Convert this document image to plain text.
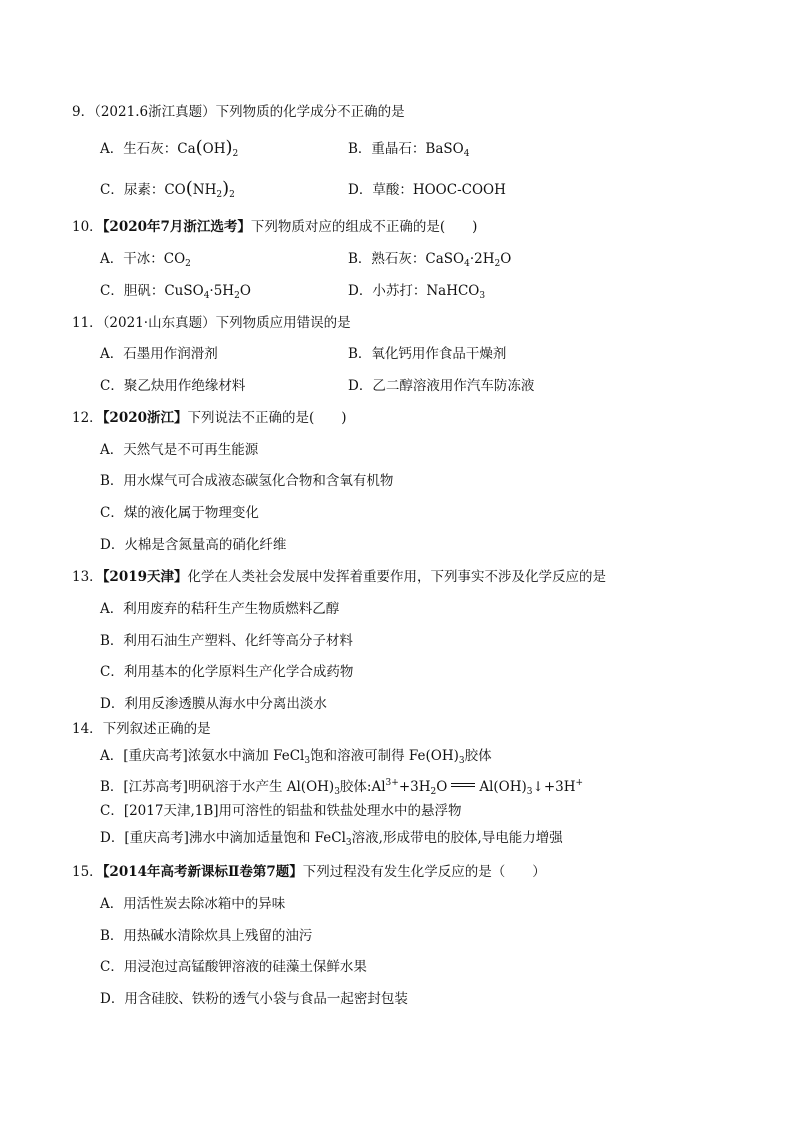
9．（2021.6浙江真题）下列物质的化学成分不正确的是
A．生石灰：$Ca(OH)_2$	B．重晶石：BaSO$_4$
C．尿素：$CO(NH_2)_2$	D．草酸：HOOC-COOH
10．【2020年7月浙江选考】下列物质对应的组成不正确的是(　　)
A．干冰：$CO_2$	B．熟石灰：$CaSO_4\cdot 2H_2O$
C．胆矾：$CuSO_4\cdot 5H_2O$	D．小苏打：NaHCO$_3$
11．（2021·山东真题）下列物质应用错误的是
A．石墨用作润滑剂	B．氧化钙用作食品干燥剂
C．聚乙炔用作绝缘材料	D．乙二醇溶液用作汽车防冻液
12．【2020浙江】下列说法不正确的是(　　)
A．天然气是不可再生能源
B．用水煤气可合成液态碳氢化合物和含氧有机物
C．煤的液化属于物理变化
D．火棉是含氮量高的硝化纤维
13．【2019天津】化学在人类社会发展中发挥着重要作用，下列事实不涉及化学反应的是
A．利用废弃的秸秆生产生物质燃料乙醇
B．利用石油生产塑料、化纤等高分子材料
C．利用基本的化学原料生产化学合成药物
D．利用反渗透膜从海水中分离出淡水
14．下列叙述正确的是
A．[重庆高考]浓氨水中滴加 FeCl$_3$饱和溶液可制得 $Fe(OH)_3$胶体
B．[江苏高考]明矾溶于水产生 $Al(OH)_3$胶体$:Al^{3+}+3H_2O$ $Al(OH)_3↓+3H^+$
C．[2017天津,1B]用可溶性的铝盐和铁盐处理水中的悬浮物
D．[重庆高考]沸水中滴加适量饱和 FeCl$_3$溶液,形成带电的胶体,导电能力增强
15．【2014年高考新课标Ⅱ卷第7题】下列过程没有发生化学反应的是（　　）
A．用活性炭去除冰箱中的异味
B．用热碱水清除炊具上残留的油污
C．用浸泡过高锰酸钾溶液的硅藻土保鲜水果
D．用含硅胶、铁粉的透气小袋与食品一起密封包装
